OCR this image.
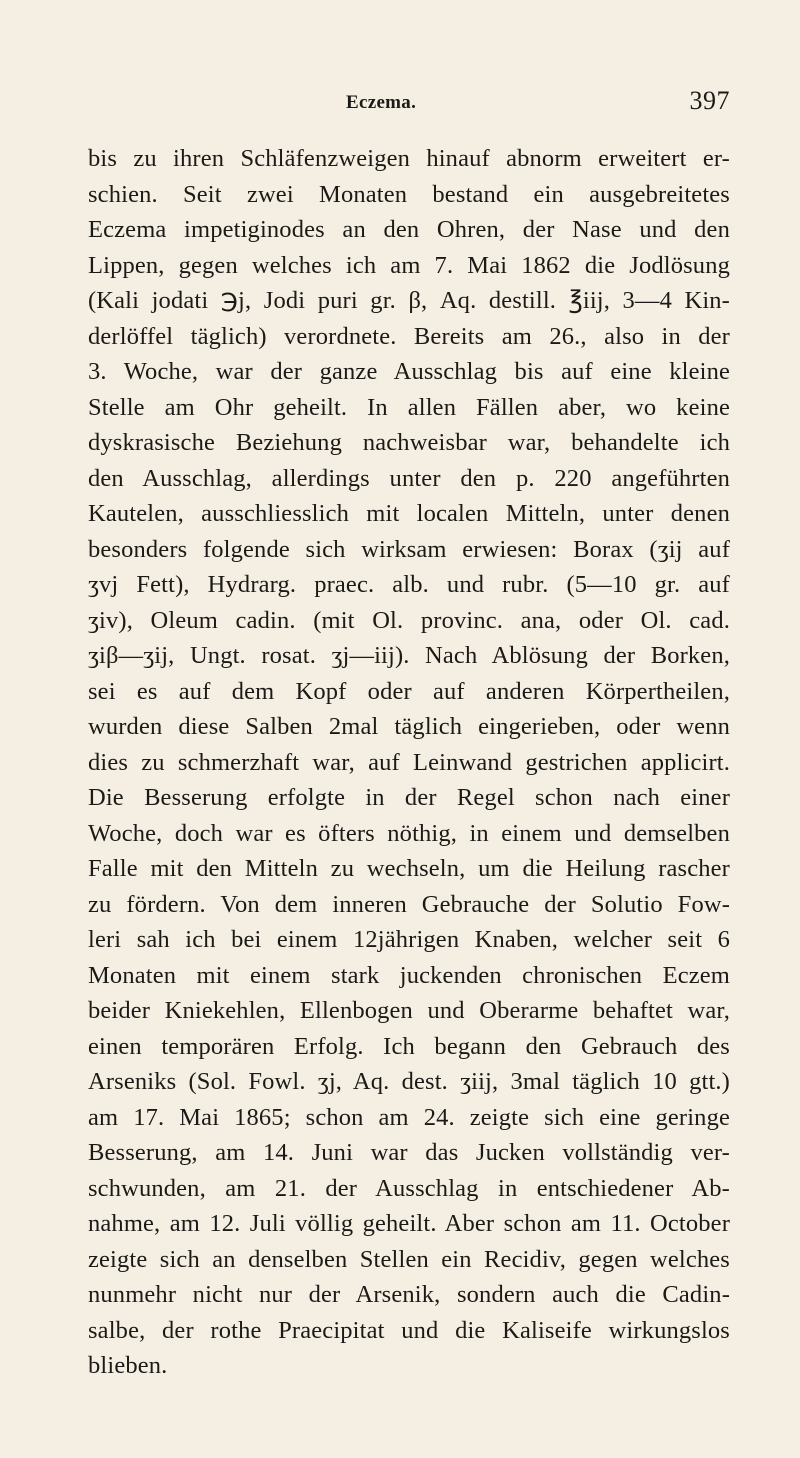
Eczema.	397
bis zu ihren Schläfenzweigen hinauf abnorm erweitert er-
schien. Seit zwei Monaten bestand ein ausgebreitetes
Eczema impetiginodes an den Ohren, der Nase und den
Lippen, gegen welches ich am 7. Mai 1862 die Jodlösung
(Kali jodati ℈j, Jodi puri gr. β, Aq. destill. ℥iij, 3—4 Kin-
derlöffel täglich) verordnete. Bereits am 26., also in der
3. Woche, war der ganze Ausschlag bis auf eine kleine
Stelle am Ohr geheilt. In allen Fällen aber, wo keine
dyskrasische Beziehung nachweisbar war, behandelte ich
den Ausschlag, allerdings unter den p. 220 angeführten
Kautelen, ausschliesslich mit localen Mitteln, unter denen
besonders folgende sich wirksam erwiesen: Borax (ʒij auf
ʒvj Fett), Hydrarg. praec. alb. und rubr. (5—10 gr. auf
ʒiv), Oleum cadin. (mit Ol. provinc. ana, oder Ol. cad.
ʒiβ—ʒij, Ungt. rosat. ʒj—iij). Nach Ablösung der Borken,
sei es auf dem Kopf oder auf anderen Körpertheilen,
wurden diese Salben 2mal täglich eingerieben, oder wenn
dies zu schmerzhaft war, auf Leinwand gestrichen applicirt.
Die Besserung erfolgte in der Regel schon nach einer
Woche, doch war es öfters nöthig, in einem und demselben
Falle mit den Mitteln zu wechseln, um die Heilung rascher
zu fördern. Von dem inneren Gebrauche der Solutio Fow-
leri sah ich bei einem 12jährigen Knaben, welcher seit 6
Monaten mit einem stark juckenden chronischen Eczem
beider Kniekehlen, Ellenbogen und Oberarme behaftet war,
einen temporären Erfolg. Ich begann den Gebrauch des
Arseniks (Sol. Fowl. ʒj, Aq. dest. ʒiij, 3mal täglich 10 gtt.)
am 17. Mai 1865; schon am 24. zeigte sich eine geringe
Besserung, am 14. Juni war das Jucken vollständig ver-
schwunden, am 21. der Ausschlag in entschiedener Ab-
nahme, am 12. Juli völlig geheilt. Aber schon am 11. October
zeigte sich an denselben Stellen ein Recidiv, gegen welches
nunmehr nicht nur der Arsenik, sondern auch die Cadin-
salbe, der rothe Praecipitat und die Kaliseife wirkungslos
blieben.
